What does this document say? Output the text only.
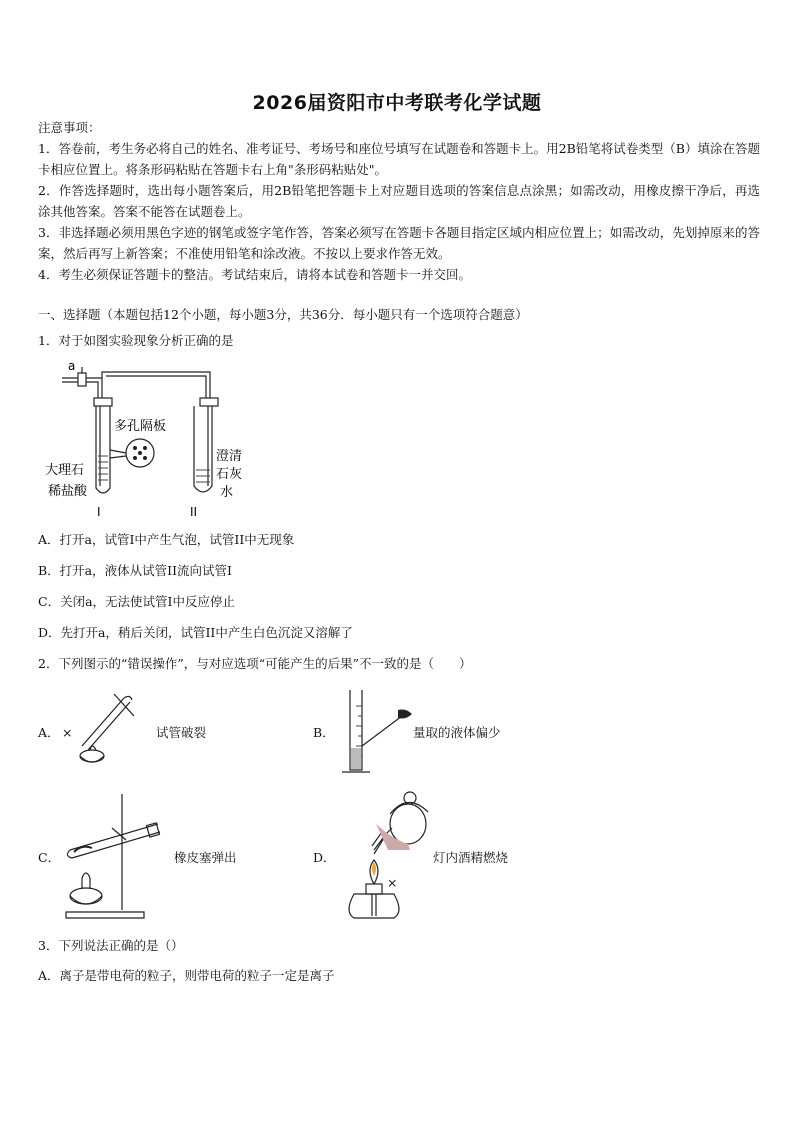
2026届资阳市中考联考化学试题

注意事项：

1．答卷前，考生务必将自己的姓名、准考证号、考场号和座位号填写在试题卷和答题卡上。用2B铅笔将试卷类型（B）填涂在答题卡相应位置上。将条形码粘贴在答题卡右上角"条形码粘贴处"。

2．作答选择题时，选出每小题答案后，用2B铅笔把答题卡上对应题目选项的答案信息点涂黑；如需改动，用橡皮擦干净后，再选涂其他答案。答案不能答在试题卷上。

3．非选择题必须用黑色字迹的钢笔或签字笔作答，答案必须写在答题卡各题目指定区域内相应位置上；如需改动，先划掉原来的答案，然后再写上新答案；不准使用铅笔和涂改液。不按以上要求作答无效。

4．考生必须保证答题卡的整洁。考试结束后，请将本试卷和答题卡一并交回。

一、选择题（本题包括12个小题，每小题3分，共36分．每小题只有一个选项符合题意）
1．对于如图实验现象分析正确的是
a
多孔隔板
大理石
稀盐酸
澄清
石灰
水
I	II
A．打开a，试管I中产生气泡，试管II中无现象
B．打开a，液体从试管II流向试管I
C．关闭a，无法使试管I中反应停止
D．先打开a，稍后关闭，试管II中产生白色沉淀又溶解了
2．下列图示的“错误操作”，与对应选项“可能产生的后果”不一致的是（　　）
A． ×	试管破裂	B．	量取的液体偏少
C．	橡皮塞弹出	D．
×
灯内酒精燃烧
3．下列说法正确的是（）
A．离子是带电荷的粒子，则带电荷的粒子一定是离子
